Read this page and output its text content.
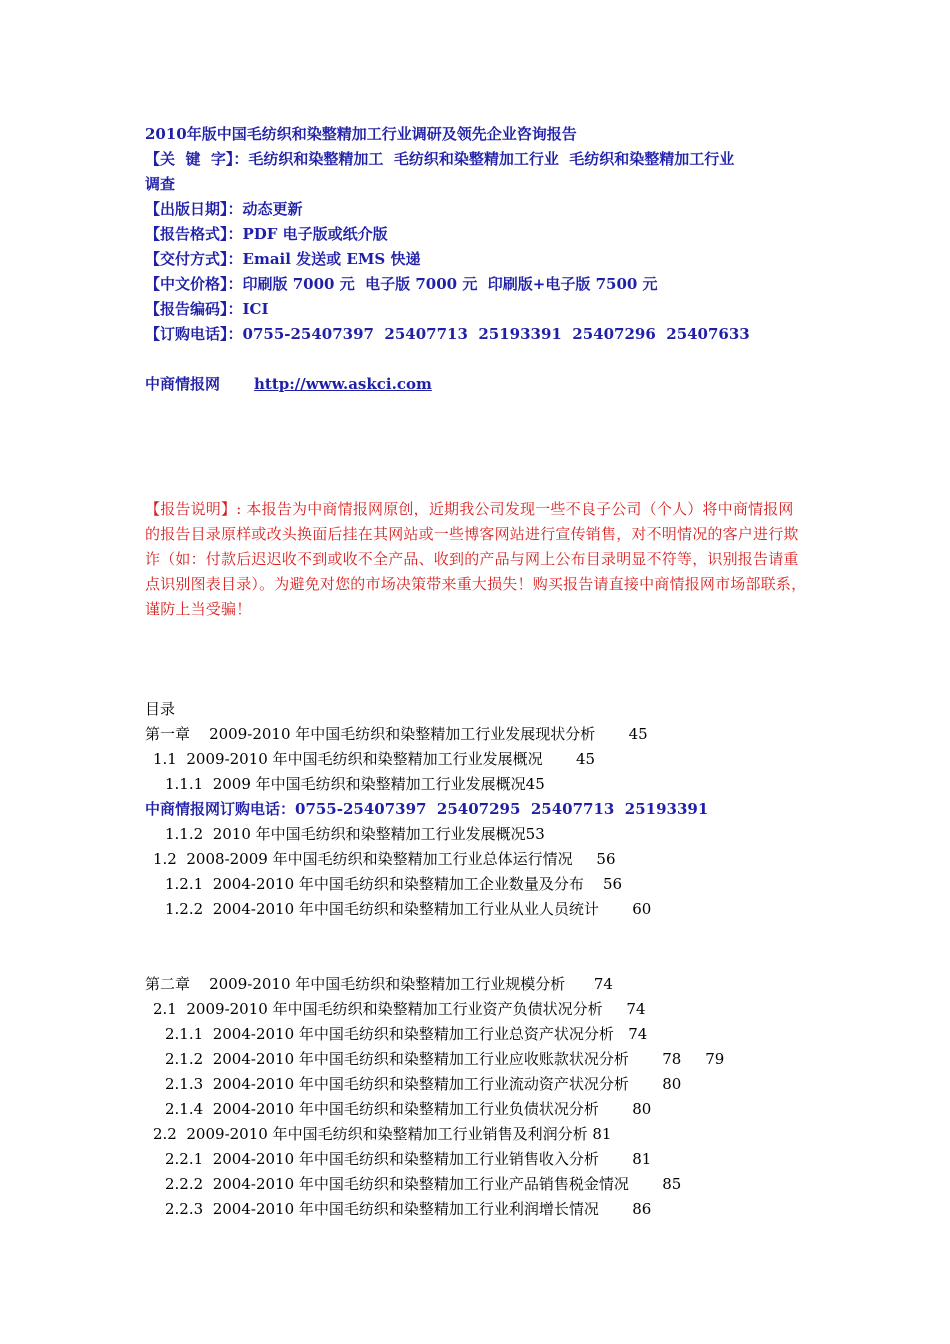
2010年版中国毛纺织和染整精加工行业调研及领先企业咨询报告
【关  键  字】：毛纺织和染整精加工  毛纺织和染整精加工行业  毛纺织和染整精加工行业
调查
【出版日期】：动态更新
【报告格式】：PDF 电子版或纸介版
【交付方式】：Email 发送或 EMS 快递
【中文价格】：印刷版 7000 元  电子版 7000 元  印刷版+电子版 7500 元
【报告编码】：ICI
【订购电话】：0755-25407397  25407713  25193391  25407296  25407633
中商情报网 http://www.askci.com
【报告说明】: 本报告为中商情报网原创，近期我公司发现一些不良子公司（个人）将中商情报网的报告目录原样或改头换面后挂在其网站或一些博客网站进行宣传销售，对不明情况的客户进行欺诈（如：付款后迟迟收不到或收不全产品、收到的产品与网上公布目录明显不符等，识别报告请重点识别图表目录）。为避免对您的市场决策带来重大损失！购买报告请直接中商情报网市场部联系，谨防上当受骗！
目录
第一章    2009-2010 年中国毛纺织和染整精加工行业发展现状分析       45
1.1  2009-2010 年中国毛纺织和染整精加工行业发展概况       45
1.1.1  2009 年中国毛纺织和染整精加工行业发展概况45
中商情报网订购电话：0755-25407397  25407295  25407713  25193391
1.1.2  2010 年中国毛纺织和染整精加工行业发展概况53
1.2  2008-2009 年中国毛纺织和染整精加工行业总体运行情况     56
1.2.1  2004-2010 年中国毛纺织和染整精加工企业数量及分布    56
1.2.2  2004-2010 年中国毛纺织和染整精加工行业从业人员统计       60
第二章    2009-2010 年中国毛纺织和染整精加工行业规模分析      74
2.1  2009-2010 年中国毛纺织和染整精加工行业资产负债状况分析     74
2.1.1  2004-2010 年中国毛纺织和染整精加工行业总资产状况分析   74
2.1.2  2004-2010 年中国毛纺织和染整精加工行业应收账款状况分析       78     79
2.1.3  2004-2010 年中国毛纺织和染整精加工行业流动资产状况分析       80
2.1.4  2004-2010 年中国毛纺织和染整精加工行业负债状况分析       80
2.2  2009-2010 年中国毛纺织和染整精加工行业销售及利润分析 81
2.2.1  2004-2010 年中国毛纺织和染整精加工行业销售收入分析       81
2.2.2  2004-2010 年中国毛纺织和染整精加工行业产品销售税金情况       85
2.2.3  2004-2010 年中国毛纺织和染整精加工行业利润增长情况       86
